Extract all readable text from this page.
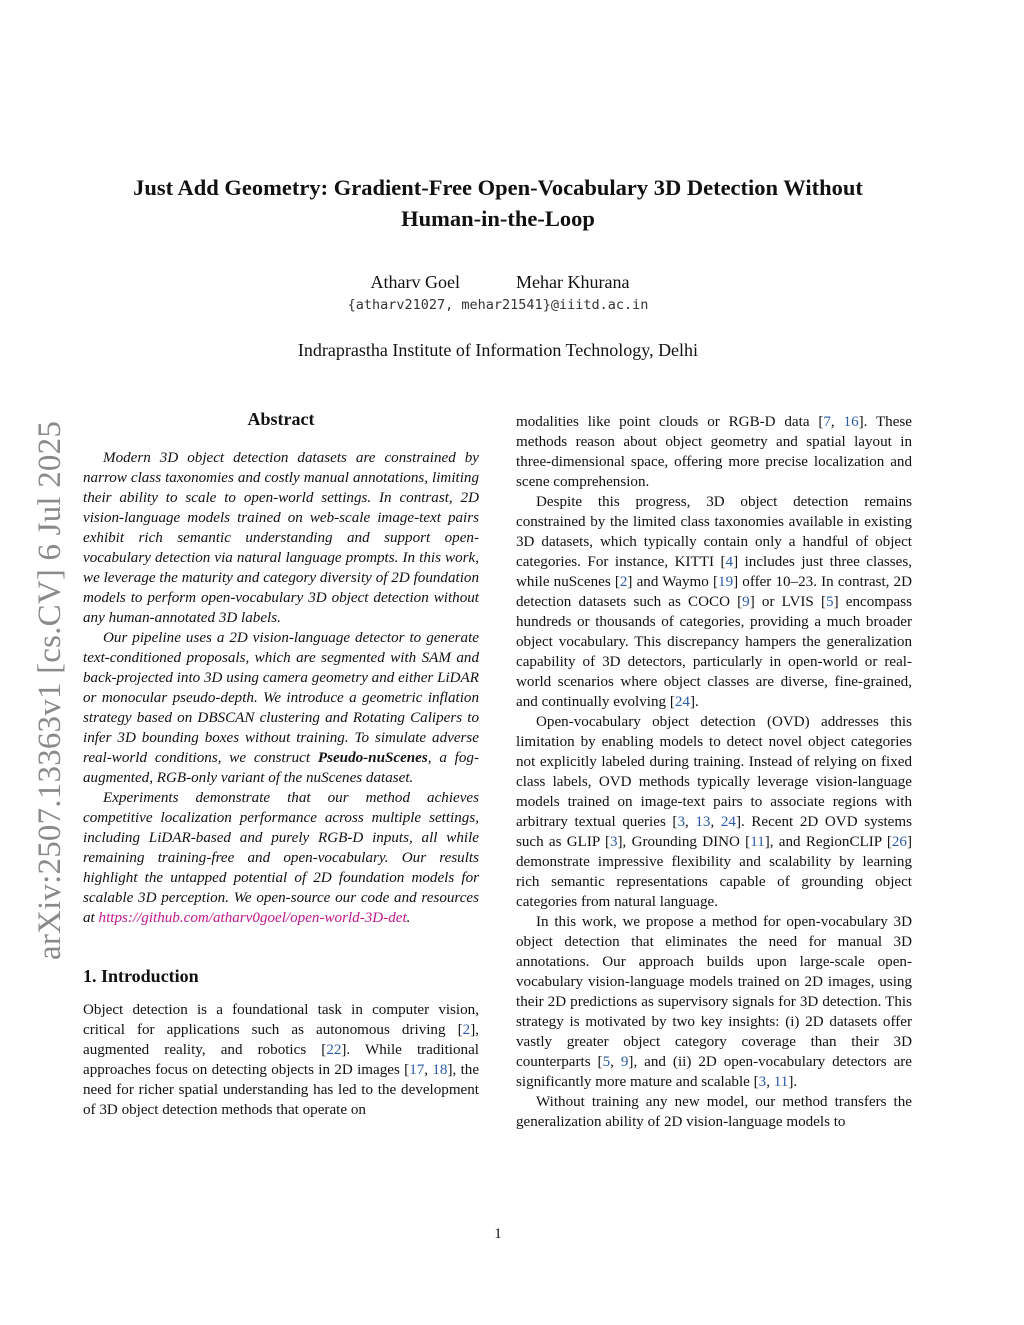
arXiv:2507.13363v1 [cs.CV] 6 Jul 2025
Just Add Geometry: Gradient-Free Open-Vocabulary 3D Detection Without Human-in-the-Loop
Atharv Goel	Mehar Khurana
{atharv21027, mehar21541}@iiitd.ac.in
Indraprastha Institute of Information Technology, Delhi
Abstract

Modern 3D object detection datasets are constrained by narrow class taxonomies and costly manual annotations, limiting their ability to scale to open-world settings. In contrast, 2D vision-language models trained on web-scale image-text pairs exhibit rich semantic understanding and support open-vocabulary detection via natural language prompts. In this work, we leverage the maturity and category diversity of 2D foundation models to perform open-vocabulary 3D object detection without any human-annotated 3D labels.

Our pipeline uses a 2D vision-language detector to generate text-conditioned proposals, which are segmented with SAM and back-projected into 3D using camera geometry and either LiDAR or monocular pseudo-depth. We introduce a geometric inflation strategy based on DBSCAN clustering and Rotating Calipers to infer 3D bounding boxes without training. To simulate adverse real-world conditions, we construct Pseudo-nuScenes, a fog-augmented, RGB-only variant of the nuScenes dataset.

Experiments demonstrate that our method achieves competitive localization performance across multiple settings, including LiDAR-based and purely RGB-D inputs, all while remaining training-free and open-vocabulary. Our results highlight the untapped potential of 2D foundation models for scalable 3D perception. We open-source our code and resources at https://github.com/atharv0goel/open-world-3D-det.

1. Introduction

Object detection is a foundational task in computer vision, critical for applications such as autonomous driving [2], augmented reality, and robotics [22]. While traditional approaches focus on detecting objects in 2D images [17, 18], the need for richer spatial understanding has led to the development of 3D object detection methods that operate on

modalities like point clouds or RGB-D data [7, 16]. These methods reason about object geometry and spatial layout in three-dimensional space, offering more precise localization and scene comprehension.

Despite this progress, 3D object detection remains constrained by the limited class taxonomies available in existing 3D datasets, which typically contain only a handful of object categories. For instance, KITTI [4] includes just three classes, while nuScenes [2] and Waymo [19] offer 10–23. In contrast, 2D detection datasets such as COCO [9] or LVIS [5] encompass hundreds or thousands of categories, providing a much broader object vocabulary. This discrepancy hampers the generalization capability of 3D detectors, particularly in open-world or real-world scenarios where object classes are diverse, fine-grained, and continually evolving [24].

Open-vocabulary object detection (OVD) addresses this limitation by enabling models to detect novel object categories not explicitly labeled during training. Instead of relying on fixed class labels, OVD methods typically leverage vision-language models trained on image-text pairs to associate regions with arbitrary textual queries [3, 13, 24]. Recent 2D OVD systems such as GLIP [3], Grounding DINO [11], and RegionCLIP [26] demonstrate impressive flexibility and scalability by learning rich semantic representations capable of grounding object categories from natural language.

In this work, we propose a method for open-vocabulary 3D object detection that eliminates the need for manual 3D annotations. Our approach builds upon large-scale open-vocabulary vision-language models trained on 2D images, using their 2D predictions as supervisory signals for 3D detection. This strategy is motivated by two key insights: (i) 2D datasets offer vastly greater object category coverage than their 3D counterparts [5, 9], and (ii) 2D open-vocabulary detectors are significantly more mature and scalable [3, 11].

Without training any new model, our method transfers the generalization ability of 2D vision-language models to

1
